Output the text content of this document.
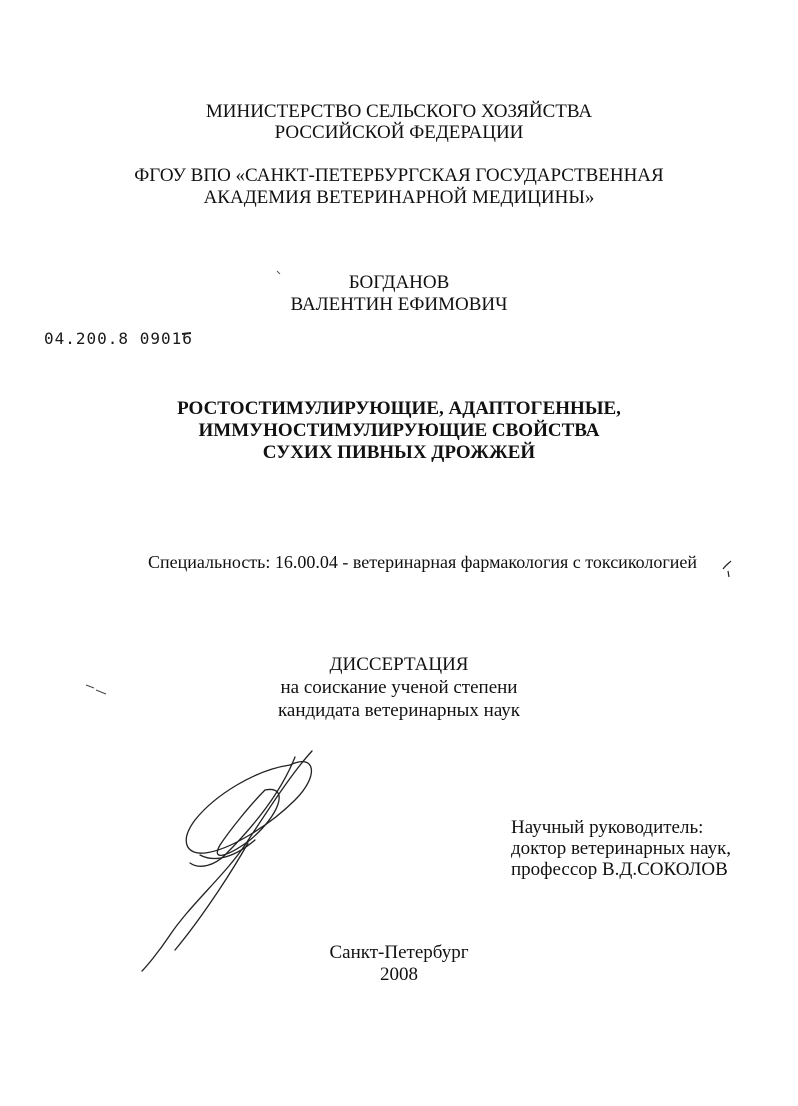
МИНИСТЕРСТВО СЕЛЬСКОГО ХОЗЯЙСТВА
РОССИЙСКОЙ ФЕДЕРАЦИИ
ФГОУ ВПО «САНКТ-ПЕТЕРБУРГСКАЯ ГОСУДАРСТВЕННАЯ
АКАДЕМИЯ ВЕТЕРИНАРНОЙ МЕДИЦИНЫ»
БОГДАНОВ
ВАЛЕНТИН ЕФИМОВИЧ
04.200.8 09016
РОСТОСТИМУЛИРУЮЩИЕ, АДАПТОГЕННЫЕ,
ИММУНОСТИМУЛИРУЮЩИЕ СВОЙСТВА
СУХИХ ПИВНЫХ ДРОЖЖЕЙ
Специальность: 16.00.04 - ветеринарная фармакология с токсикологией
ДИССЕРТАЦИЯ
на соискание ученой степени
кандидата ветеринарных наук
Научный руководитель:
доктор ветеринарных наук,
профессор В.Д.СОКОЛОВ
Санкт-Петербург
2008
